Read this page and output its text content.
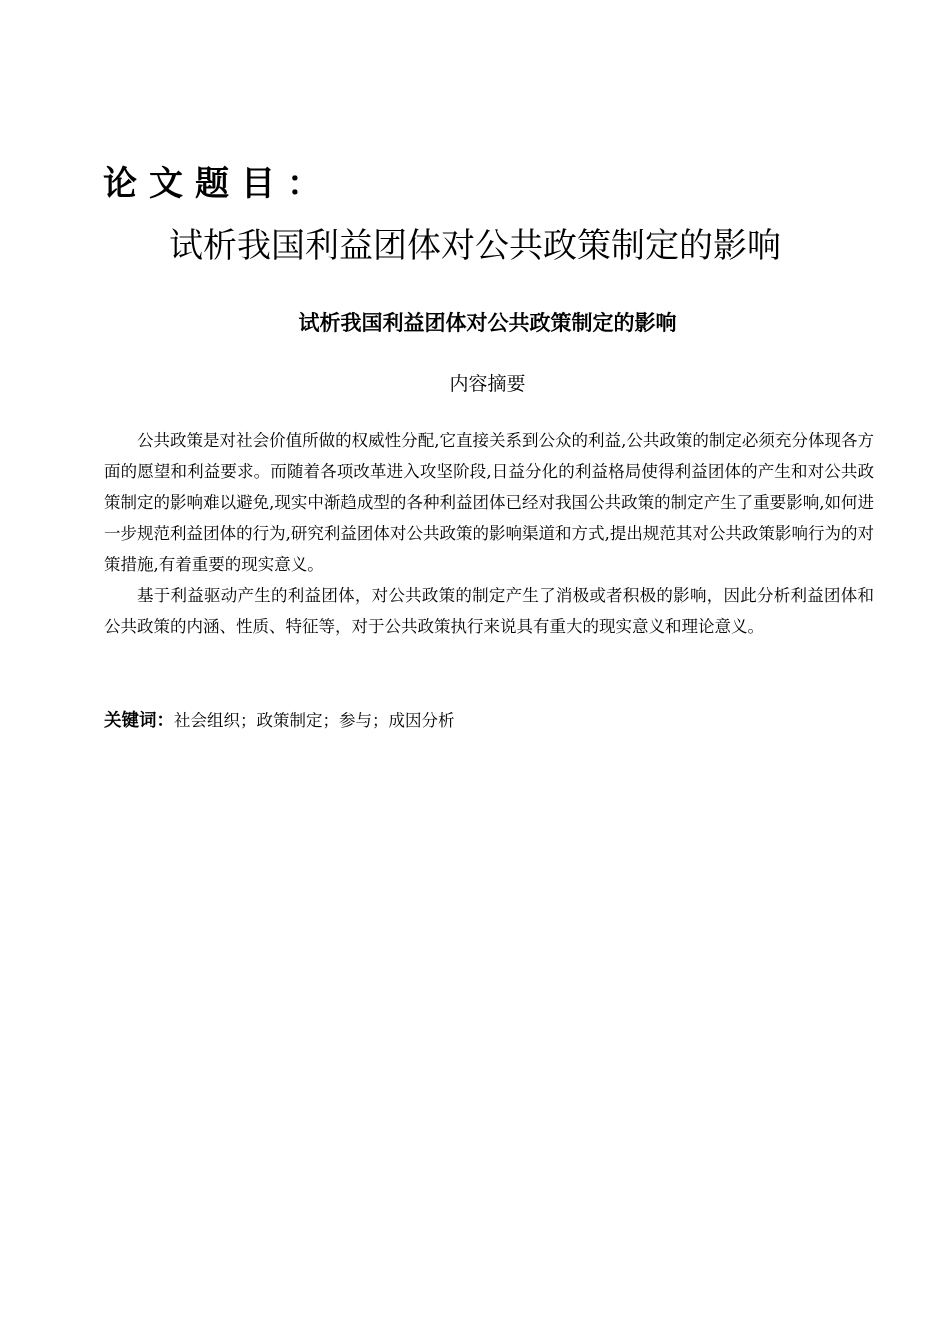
论文题目：
试析我国利益团体对公共政策制定的影响
试析我国利益团体对公共政策制定的影响
内容摘要

公共政策是对社会价值所做的权威性分配,它直接关系到公众的利益,公共政策的制定必须充分体现各方面的愿望和利益要求。而随着各项改革进入攻坚阶段,日益分化的利益格局使得利益团体的产生和对公共政策制定的影响难以避免,现实中渐趋成型的各种利益团体已经对我国公共政策的制定产生了重要影响,如何进一步规范利益团体的行为,研究利益团体对公共政策的影响渠道和方式,提出规范其对公共政策影响行为的对策措施,有着重要的现实意义。

基于利益驱动产生的利益团体，对公共政策的制定产生了消极或者积极的影响，因此分析利益团体和公共政策的内涵、性质、特征等，对于公共政策执行来说具有重大的现实意义和理论意义。

关键词：社会组织；政策制定；参与；成因分析
